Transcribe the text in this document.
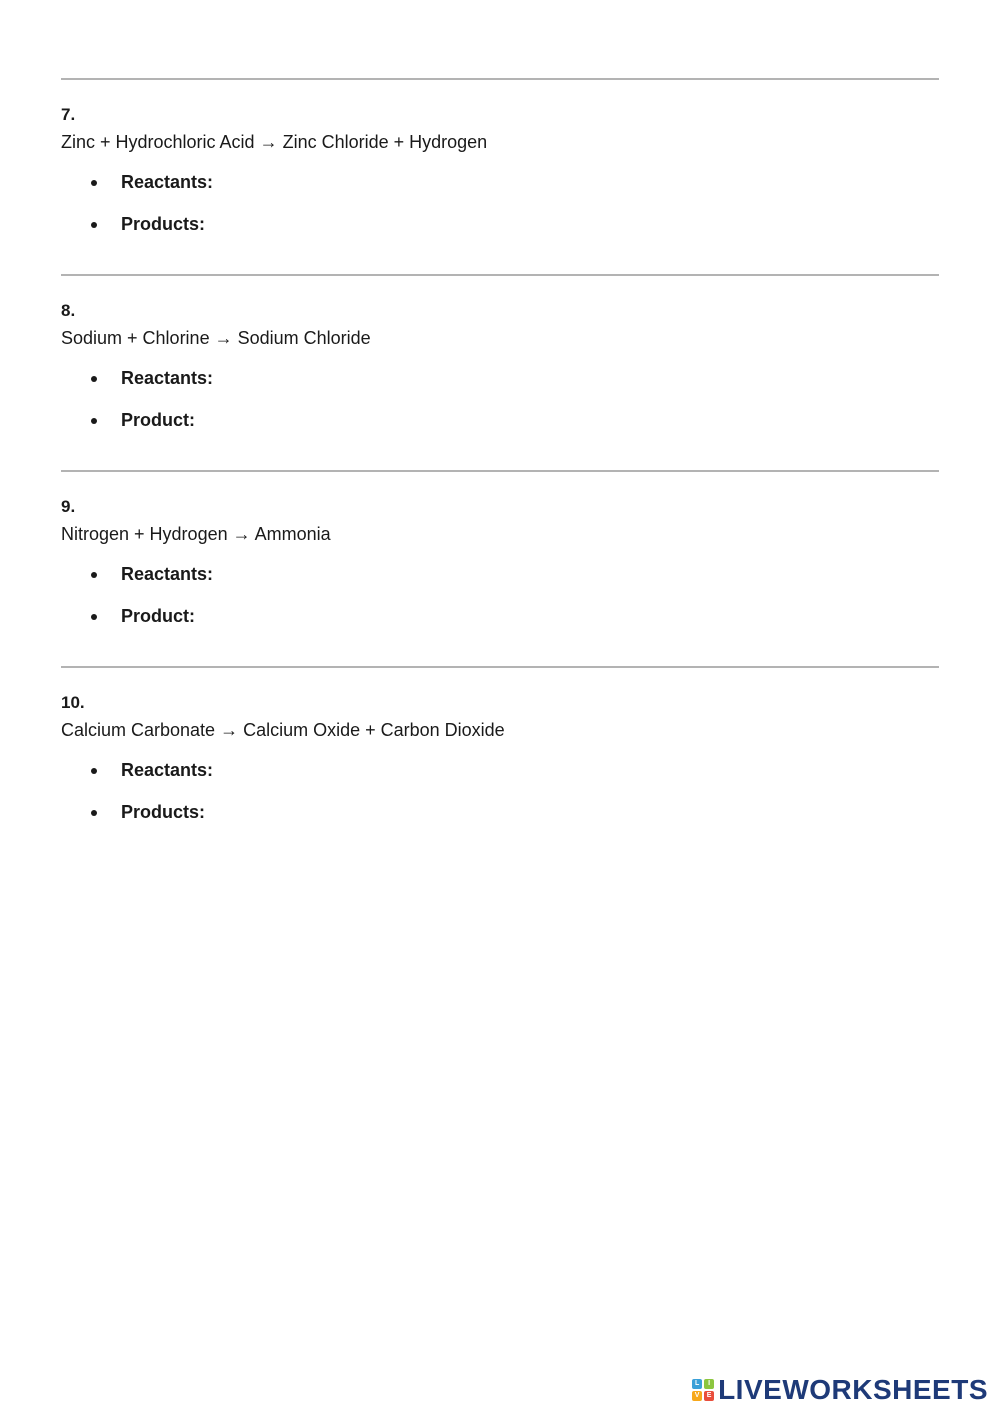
7.

Zinc + Hydrochloric Acid → Zinc Chloride + Hydrogen

Reactants:
Products:

8.

Sodium + Chlorine → Sodium Chloride

Reactants:
Product:

9.

Nitrogen + Hydrogen → Ammonia

Reactants:
Product:

10.

Calcium Carbonate → Calcium Oxide + Carbon Dioxide

Reactants:
Products:
L	I
V	E LIVEWORKSHEETS
